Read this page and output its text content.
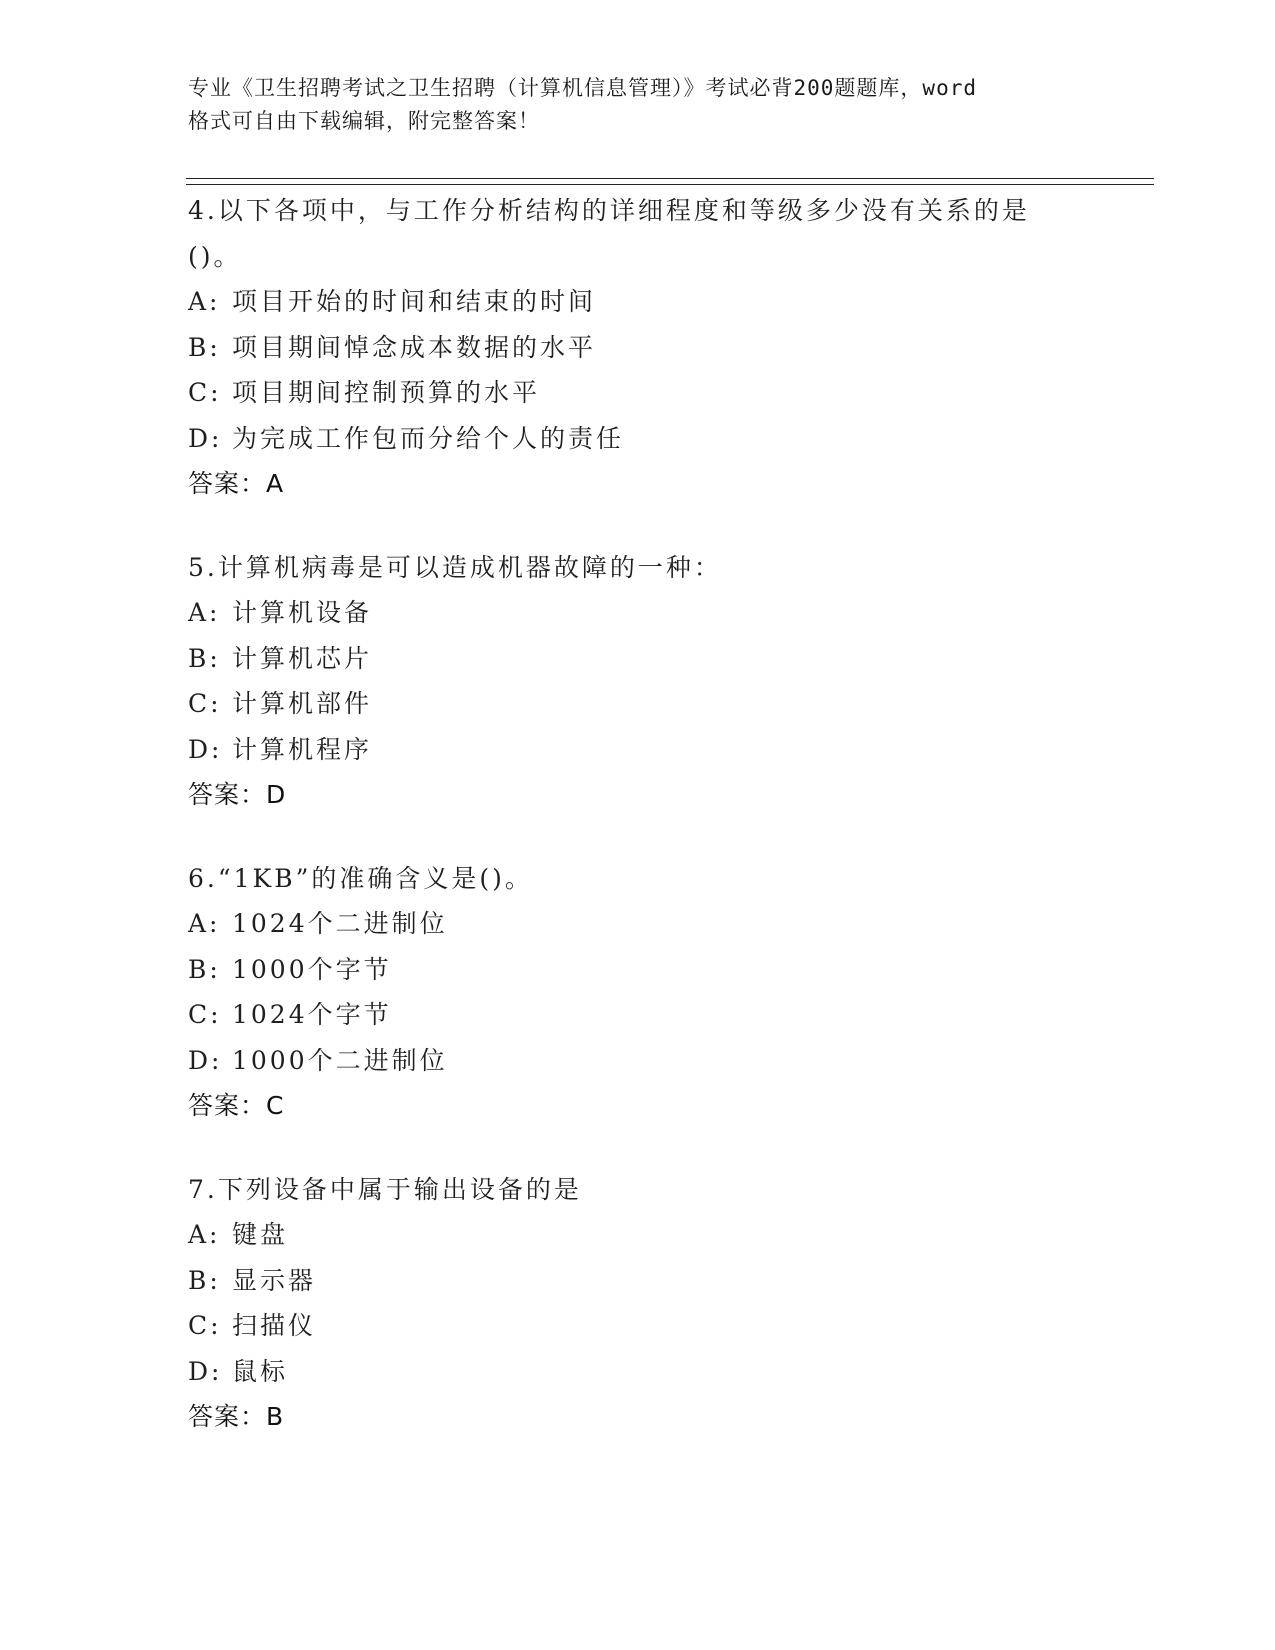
专业《卫生招聘考试之卫生招聘（计算机信息管理）》考试必背200题题库，word
格式可自由下载编辑，附完整答案！
4.以下各项中，与工作分析结构的详细程度和等级多少没有关系的是
()。
A: 项目开始的时间和结束的时间
B: 项目期间悼念成本数据的水平
C: 项目期间控制预算的水平
D: 为完成工作包而分给个人的责任
答案：A
5.计算机病毒是可以造成机器故障的一种：
A: 计算机设备
B: 计算机芯片
C: 计算机部件
D: 计算机程序
答案：D
6.“1KB”的准确含义是()。
A: 1024个二进制位
B: 1000个字节
C: 1024个字节
D: 1000个二进制位
答案：C
7.下列设备中属于输出设备的是
A: 键盘
B: 显示器
C: 扫描仪
D: 鼠标
答案：B
